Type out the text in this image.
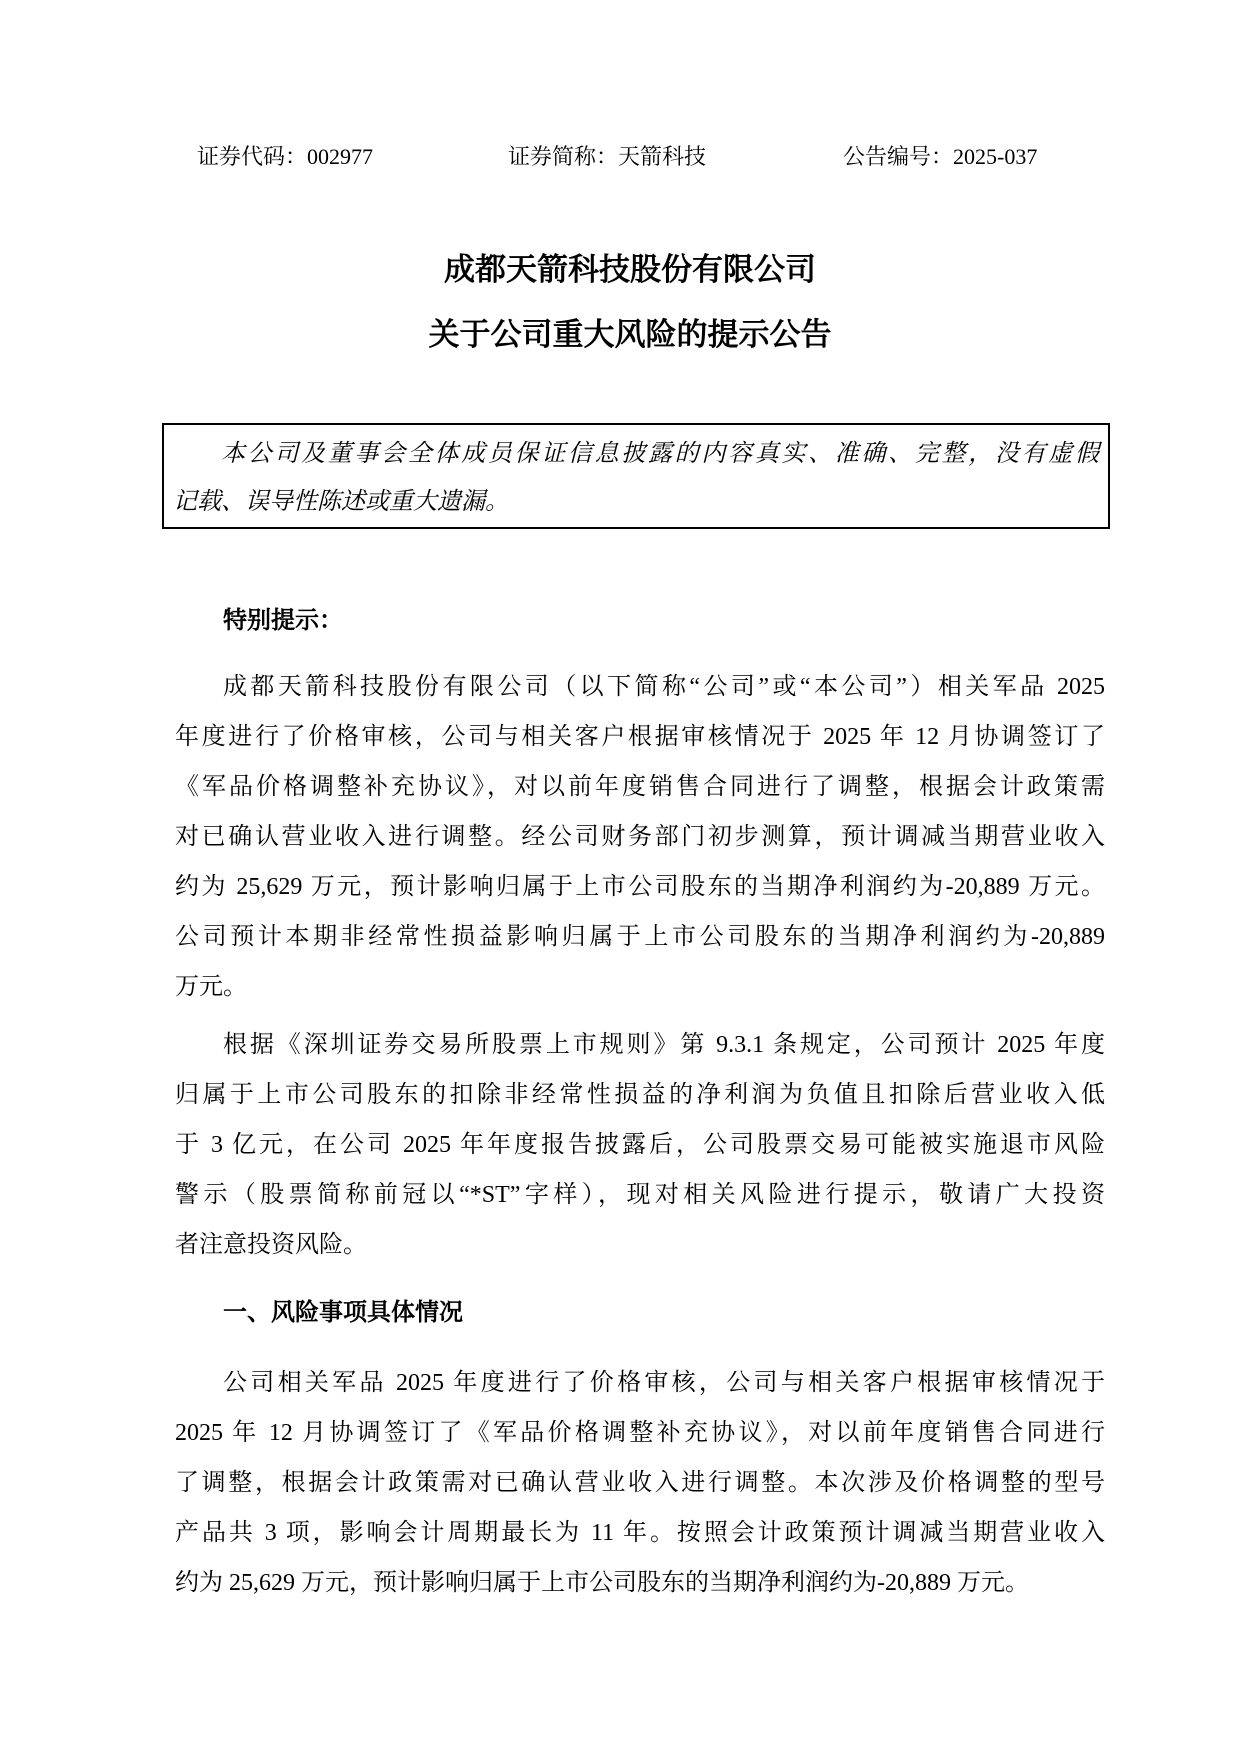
证券代码：002977	证券简称：天箭科技	公告编号：2025-037
成都天箭科技股份有限公司
关于公司重大风险的提示公告
本公司及董事会全体成员保证信息披露的内容真实、准确、完整，没有虚假
记载、误导性陈述或重大遗漏。
特别提示：
成都天箭科技股份有限公司（以下简称“公司”或“本公司”）相关军品 2025
年度进行了价格审核，公司与相关客户根据审核情况于 2025 年 12 月协调签订了
《军品价格调整补充协议》，对以前年度销售合同进行了调整，根据会计政策需
对已确认营业收入进行调整。经公司财务部门初步测算，预计调减当期营业收入
约为 25,629 万元，预计影响归属于上市公司股东的当期净利润约为-20,889 万元。
公司预计本期非经常性损益影响归属于上市公司股东的当期净利润约为-20,889
万元。
根据《深圳证券交易所股票上市规则》第 9.3.1 条规定，公司预计 2025 年度
归属于上市公司股东的扣除非经常性损益的净利润为负值且扣除后营业收入低
于 3 亿元，在公司 2025 年年度报告披露后，公司股票交易可能被实施退市风险
警示（股票简称前冠以“*ST”字样），现对相关风险进行提示，敬请广大投资
者注意投资风险。
一、风险事项具体情况
公司相关军品 2025 年度进行了价格审核，公司与相关客户根据审核情况于
2025 年 12 月协调签订了《军品价格调整补充协议》，对以前年度销售合同进行
了调整，根据会计政策需对已确认营业收入进行调整。本次涉及价格调整的型号
产品共 3 项，影响会计周期最长为 11 年。按照会计政策预计调减当期营业收入
约为 25,629 万元，预计影响归属于上市公司股东的当期净利润约为-20,889 万元。
